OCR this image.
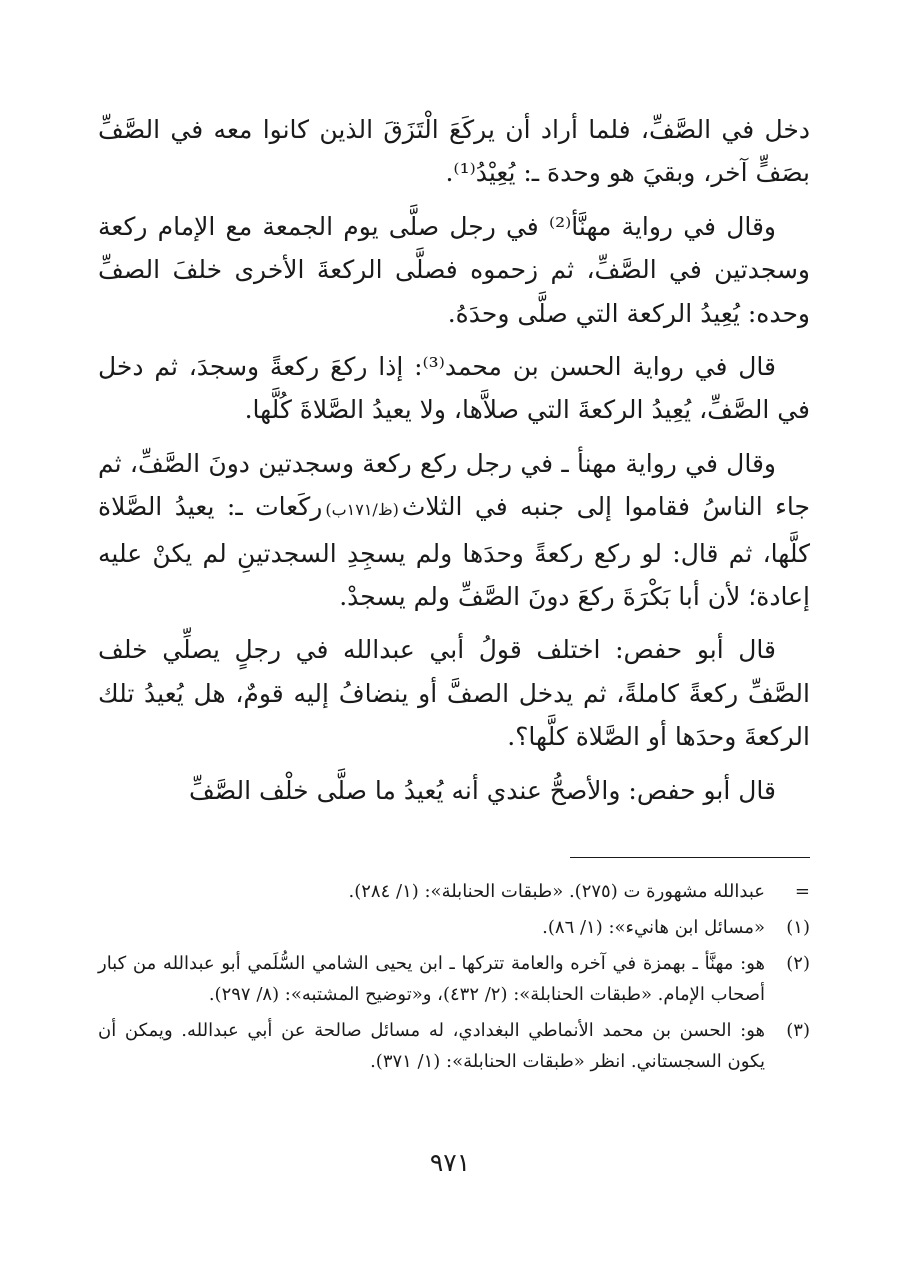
دخل في الصَّفِّ، فلما أراد أن يركَعَ الْتَزَقَ الذين كانوا معه في الصَّفِّ بصَفٍّ آخر، وبقيَ هو وحدهَ ـ: يُعِيْدُ⁽¹⁾.

وقال في رواية مهنَّأ⁽²⁾ في رجل صلَّى يوم الجمعة مع الإمام ركعة وسجدتين في الصَّفِّ، ثم زحموه فصلَّى الركعةَ الأخرى خلفَ الصفِّ وحده: يُعِيدُ الركعة التي صلَّى وحدَهُ.

قال في رواية الحسن بن محمد⁽³⁾: إذا ركعَ ركعةً وسجدَ، ثم دخل في الصَّفِّ، يُعِيدُ الركعةَ التي صلاَّها، ولا يعيدُ الصَّلاةَ كُلَّها.

وقال في رواية مهنأ ـ في رجل ركع ركعة وسجدتين دونَ الصَّفِّ، ثم جاء الناسُ فقاموا إلى جنبه في الثلاث(ظ/١٧١ب)ركَعات ـ: يعيدُ الصَّلاة كلَّها، ثم قال: لو ركع ركعةً وحدَها ولم يسجِدِ السجدتينِ لم يكنْ عليه إعادة؛ لأن أبا بَكْرَةَ ركعَ دونَ الصَّفِّ ولم يسجدْ.

قال أبو حفص: اختلف قولُ أبي عبدالله في رجلٍ يصلِّي خلف الصَّفِّ ركعةً كاملةً، ثم يدخل الصفَّ أو ينضافُ إليه قومٌ، هل يُعيدُ تلك الركعةَ وحدَها أو الصَّلاة كلَّها؟.

قال أبو حفص: والأصحُّ عندي أنه يُعيدُ ما صلَّى خلْف الصَّفِّ

=
عبدالله مشهورة ت (٢٧٥). «طبقات الحنابلة»: (١/ ٢٨٤).
(١)
«مسائل ابن هانيء»: (١/ ٨٦).
(٢)
هو: مهنَّأ ـ بهمزة في آخره والعامة تتركها ـ ابن يحيى الشامي السُّلَمي أبو عبدالله من كبار أصحاب الإمام. «طبقات الحنابلة»: (٢/ ٤٣٢)، و«توضيح المشتبه»: (٨/ ٢٩٧).
(٣)
هو: الحسن بن محمد الأنماطي البغدادي، له مسائل صالحة عن أبي عبدالله. ويمكن أن يكون السجستاني. انظر «طبقات الحنابلة»: (١/ ٣٧١).
٩٧١
